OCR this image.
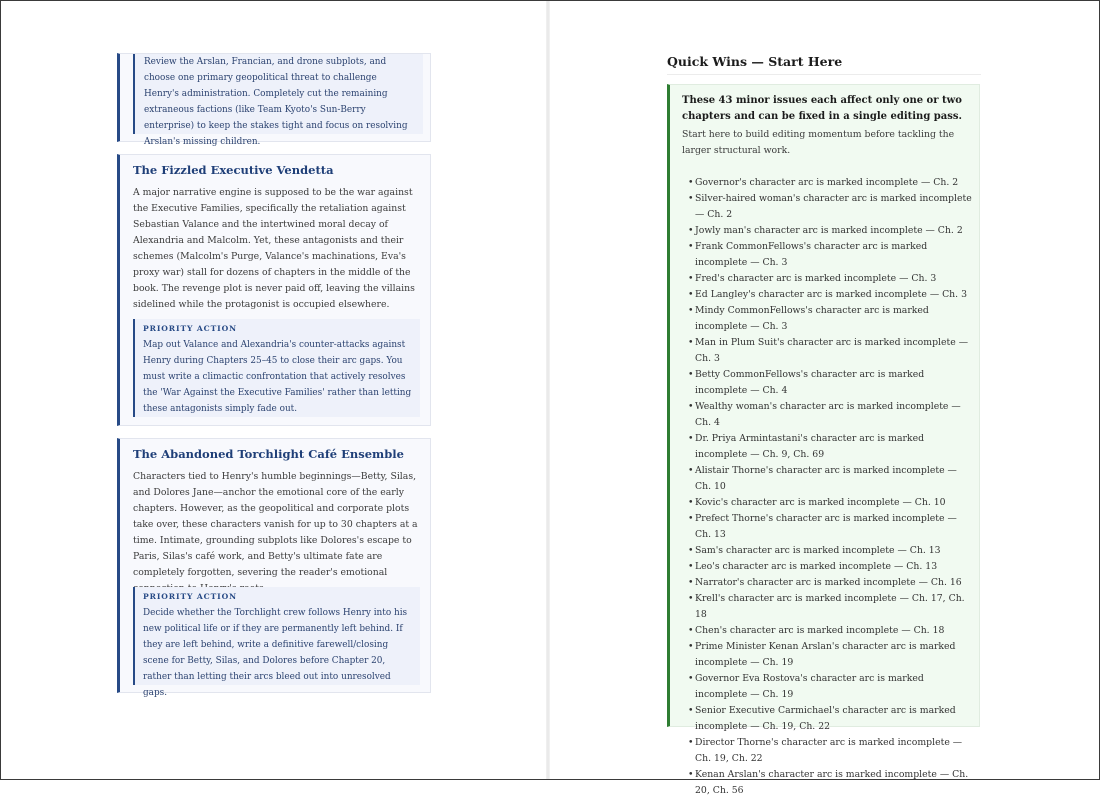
Review the Arslan, Francian, and drone subplots, and choose one primary geopolitical threat to challenge Henry's administration. Completely cut the remaining extraneous factions (like Team Kyoto's Sun-Berry enterprise) to keep the stakes tight and focus on resolving Arslan's missing children.

The Fizzled Executive Vendetta

A major narrative engine is supposed to be the war against the Executive Families, specifically the retaliation against Sebastian Valance and the intertwined moral decay of Alexandria and Malcolm. Yet, these antagonists and their schemes (Malcolm's Purge, Valance's machinations, Eva's proxy war) stall for dozens of chapters in the middle of the book. The revenge plot is never paid off, leaving the villains sidelined while the protagonist is occupied elsewhere.

PRIORITY ACTION

Map out Valance and Alexandria's counter-attacks against Henry during Chapters 25–45 to close their arc gaps. You must write a climactic confrontation that actively resolves the 'War Against the Executive Families' rather than letting these antagonists simply fade out.

The Abandoned Torchlight Café Ensemble

Characters tied to Henry's humble beginnings—Betty, Silas, and Dolores Jane—anchor the emotional core of the early chapters. However, as the geopolitical and corporate plots take over, these characters vanish for up to 30 chapters at a time. Intimate, grounding subplots like Dolores's escape to Paris, Silas's café work, and Betty's ultimate fate are completely forgotten, severing the reader's emotional

PRIORITY ACTION

Decide whether the Torchlight crew follows Henry into his new political life or if they are permanently left behind. If they are left behind, write a definitive farewell/closing scene for Betty, Silas, and Dolores before Chapter 20, rather than letting their arcs bleed out into unresolved gaps.

Quick Wins — Start Here

These 43 minor issues each affect only one or two chapters and can be fixed in a single editing pass.

Start here to build editing momentum before tackling the larger structural work.

• Governor's character arc is marked incomplete — Ch. 2
• Silver-haired woman's character arc is marked incomplete — Ch. 2
• Jowly man's character arc is marked incomplete — Ch. 2
• Frank CommonFellows's character arc is marked incomplete — Ch. 3
• Fred's character arc is marked incomplete — Ch. 3
• Ed Langley's character arc is marked incomplete — Ch. 3
• Mindy CommonFellows's character arc is marked incomplete — Ch. 3
• Man in Plum Suit's character arc is marked incomplete — Ch. 3
• Betty CommonFellows's character arc is marked incomplete — Ch. 4
• Wealthy woman's character arc is marked incomplete — Ch. 4
• Dr. Priya Armintastani's character arc is marked incomplete — Ch. 9, Ch. 69
• Alistair Thorne's character arc is marked incomplete — Ch. 10
• Kovic's character arc is marked incomplete — Ch. 10
• Prefect Thorne's character arc is marked incomplete — Ch. 13
• Sam's character arc is marked incomplete — Ch. 13
• Leo's character arc is marked incomplete — Ch. 13
• Narrator's character arc is marked incomplete — Ch. 16
• Krell's character arc is marked incomplete — Ch. 17, Ch. 18
• Chen's character arc is marked incomplete — Ch. 18
• Prime Minister Kenan Arslan's character arc is marked incomplete — Ch. 19
• Governor Eva Rostova's character arc is marked incomplete — Ch. 19
• Senior Executive Carmichael's character arc is marked incomplete — Ch. 19, Ch. 22
• Director Thorne's character arc is marked incomplete — Ch. 19, Ch. 22
• Kenan Arslan's character arc is marked incomplete — Ch. 20, Ch. 56
